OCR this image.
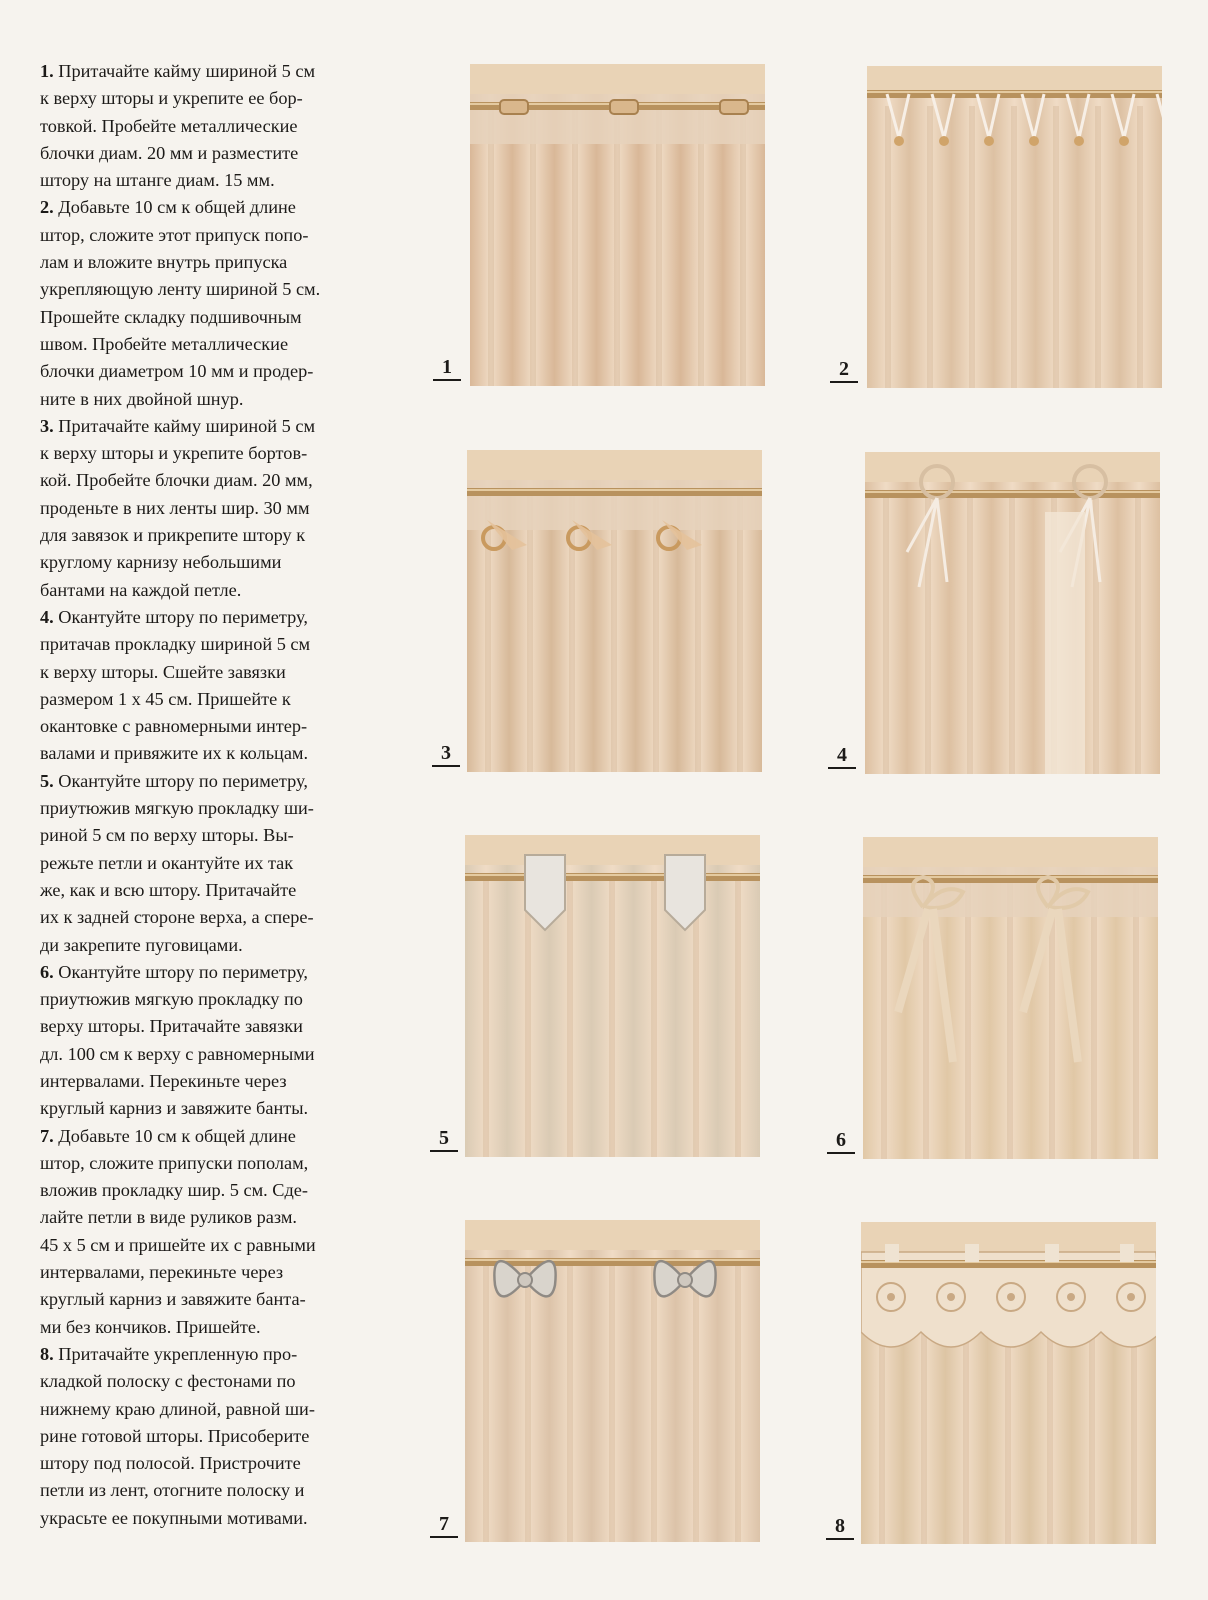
1. Притачайте кайму шириной 5 см
к верху шторы и укрепите ее бор-
товкой. Пробейте металлические
блочки диам. 20 мм и разместите
штору на штанге диам. 15 мм.
2. Добавьте 10 см к общей длине
штор, сложите этот припуск попо-
лам и вложите внутрь припуска
укрепляющую ленту шириной 5 см.
Прошейте складку подшивочным
швом. Пробейте металлические
блочки диаметром 10 мм и продер-
ните в них двойной шнур.
3. Притачайте кайму шириной 5 см
к верху шторы и укрепите бортов-
кой. Пробейте блочки диам. 20 мм,
проденьте в них ленты шир. 30 мм
для завязок и прикрепите штору к
круглому карнизу небольшими
бантами на каждой петле.
4. Окантуйте штору по периметру,
притачав прокладку шириной 5 см
к верху шторы. Сшейте завязки
размером 1 х 45 см. Пришейте к
окантовке с равномерными интер-
валами и привяжите их к кольцам.
5. Окантуйте штору по периметру,
приутюжив мягкую прокладку ши-
риной 5 см по верху шторы. Вы-
режьте петли и окантуйте их так
же, как и всю штору. Притачайте
их к задней стороне верха, а спере-
ди закрепите пуговицами.
6. Окантуйте штору по периметру,
приутюжив мягкую прокладку по
верху шторы. Притачайте завязки
дл. 100 см к верху с равномерными
интервалами. Перекиньте через
круглый карниз и завяжите банты.
7. Добавьте 10 см к общей длине
штор, сложите припуски пополам,
вложив прокладку шир. 5 см. Сде-
лайте петли в виде руликов разм.
45 х 5 см и пришейте их с равными
интервалами, перекиньте через
круглый карниз и завяжите банта-
ми без кончиков. Пришейте.
8. Притачайте укрепленную про-
кладкой полоску с фестонами по
нижнему краю длиной, равной ши-
рине готовой шторы. Присоберите
штору под полосой. Пристрочите
петли из лент, отогните полоску и
украсьте ее покупными мотивами.
1	2
3	4
5	6
7	8
